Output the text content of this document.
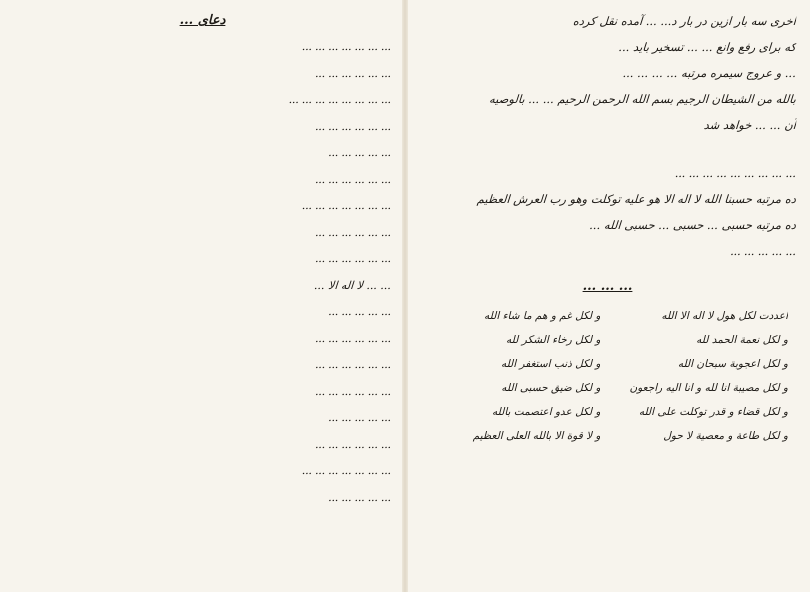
اخری سه بار ازین در بار د... ... آمده نقل کرده
که برای رفع وانع ... ... تسخیر باید ...
... و عروج سیمره مرتبه ... ... ... ...
بالله من الشیطان الرجیم بسم الله الرحمن الرحیم ... ... بالوصیه
آن ... ... خواهد شد
... ... ... ... ... ... ... ... ...
ده مرتبه حسبنا الله لا اله الا هو علیه توکلت وهو رب العرش العظیم
ده مرتبه حسبی ... حسبی ... حسبی الله ...
... ... ... ... ...
... ... ...
اعددت لکل هول لا اله الا الله
و لکل غم و هم ما شاء الله
و لکل نعمة الحمد لله
و لکل رخاء الشکر لله
و لکل اعجوبة سبحان الله
و لکل ذنب استغفر الله
و لکل مصیبة انا لله و انا الیه راجعون
و لکل ضیق حسبی الله
و لکل قضاء و قدر توکلت علی الله
و لکل عدو اعتصمت بالله
و لکل طاعة و معصیة لا حول
و لا قوة الا بالله العلی العظیم
دعای ...
... ... ... ... ... ... ...
... ... ... ... ... ...
... ... ... ... ... ... ... ...
... ... ... ... ... ...
... ... ... ... ...
... ... ... ... ... ...
... ... ... ... ... ... ...
... ... ... ... ... ...
... ... ... ... ... ...
... ... لا اله الا ...
... ... ... ... ...
... ... ... ... ... ...
... ... ... ... ... ...
... ... ... ... ... ...
... ... ... ... ...
... ... ... ... ... ...
... ... ... ... ... ... ...
... ... ... ... ...
